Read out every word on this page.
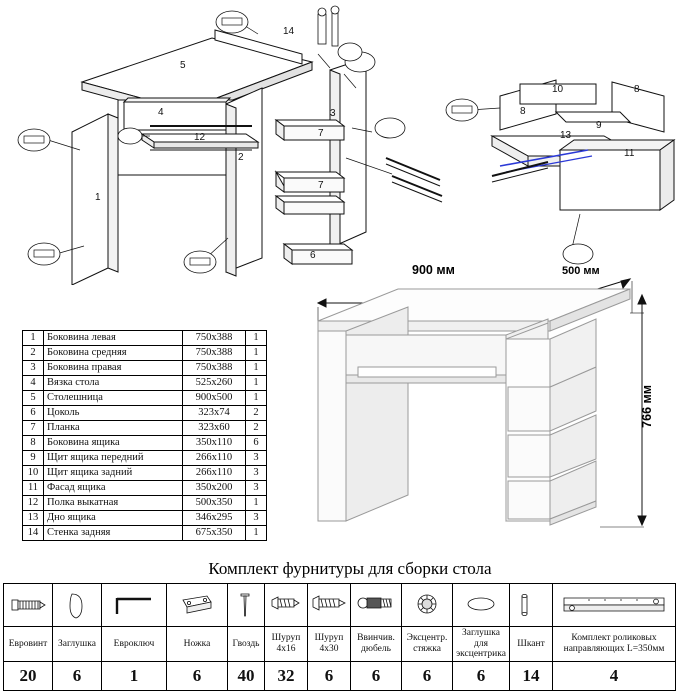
1
2
3
4
5
6
7
7
8
8
9
10
11
12	13
14
1	Боковина левая	750x388	1
2	Боковина средняя	750x388	1
3	Боковина правая	750x388	1
4	Вязка стола	525x260	1
5	Столешница	900x500	1
6	Цоколь	323x74	2
7	Планка	323x60	2
8	Боковина ящика	350x110	6
9	Щит ящика передний	266x110	3
10	Щит ящика задний	266x110	3
11	Фасад ящика	350x200	3
12	Полка выкатная	500x350	1
13	Дно ящика	346x295	3
14	Стенка задняя	675x350	1
900 мм	500 мм
766 мм
Комплект фурнитуры для сборки стола

Евровинт	Заглушка	Евроключ	Ножка	Гвоздь	Шуруп 4х16	Шуруп 4х30	Ввинчив. дюбель	Эксцентр. стяжка	Заглушка для эксцентрика	Шкант	Комплект роликовых направляющих L=350мм
20	6	1	6	40	32	6	6	6	6	14	4
